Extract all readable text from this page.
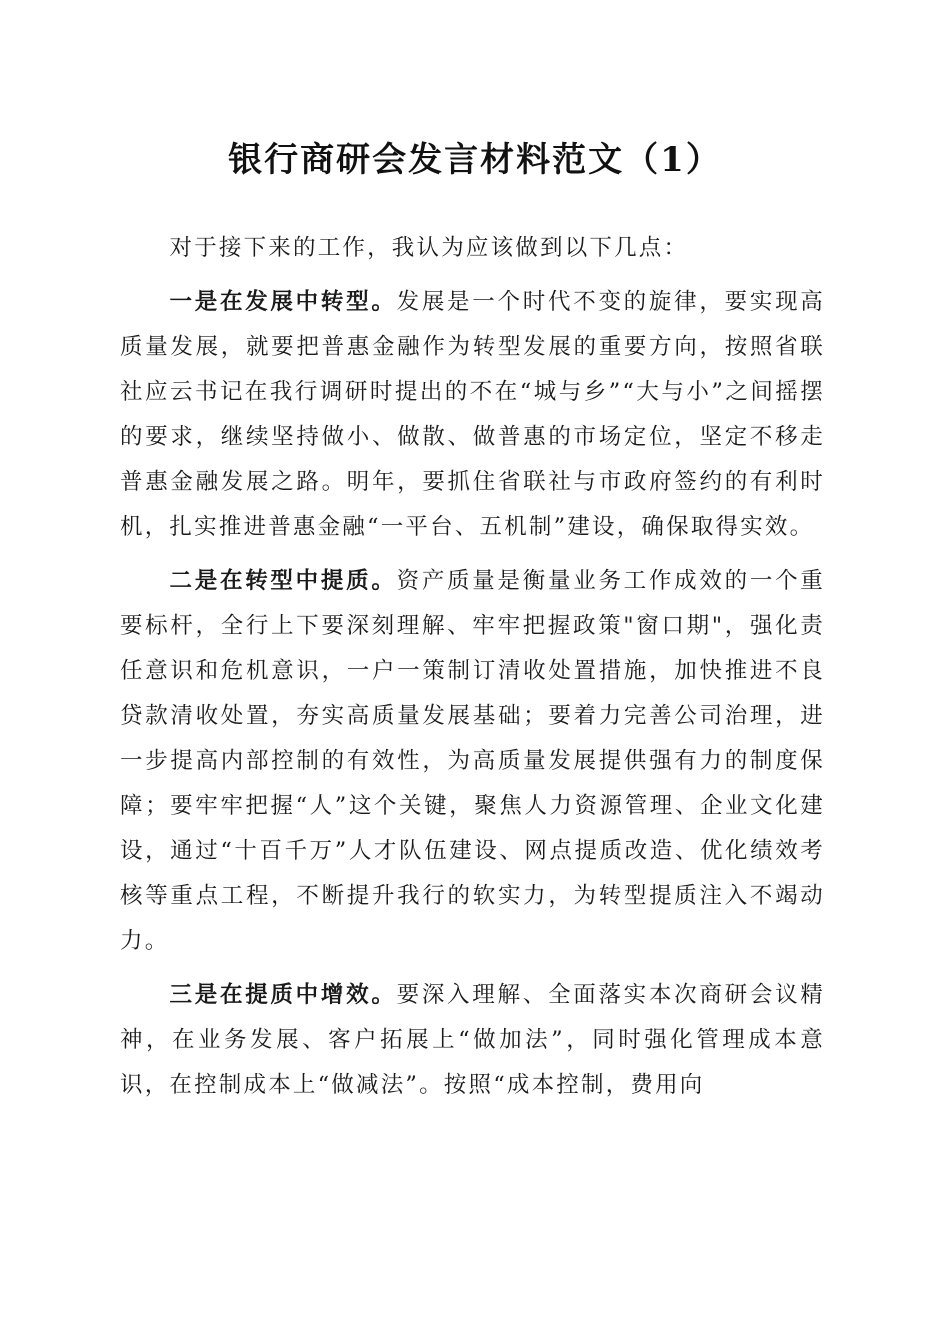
银行商研会发言材料范文（1）

对于接下来的工作，我认为应该做到以下几点：

一是在发展中转型。发展是一个时代不变的旋律，要实现高质量发展，就要把普惠金融作为转型发展的重要方向，按照省联社应云书记在我行调研时提出的不在“城与乡”“大与小”之间摇摆的要求，继续坚持做小、做散、做普惠的市场定位，坚定不移走普惠金融发展之路。明年，要抓住省联社与市政府签约的有利时机，扎实推进普惠金融“一平台、五机制”建设，确保取得实效。

二是在转型中提质。资产质量是衡量业务工作成效的一个重要标杆，全行上下要深刻理解、牢牢把握政策"窗口期"，强化责任意识和危机意识，一户一策制订清收处置措施，加快推进不良贷款清收处置，夯实高质量发展基础；要着力完善公司治理，进一步提高内部控制的有效性，为高质量发展提供强有力的制度保障；要牢牢把握“人”这个关键，聚焦人力资源管理、企业文化建设，通过“十百千万”人才队伍建设、网点提质改造、优化绩效考核等重点工程，不断提升我行的软实力，为转型提质注入不竭动力。

三是在提质中增效。要深入理解、全面落实本次商研会议精神，在业务发展、客户拓展上“做加法”，同时强化管理成本意识，在控制成本上“做减法”。按照“成本控制，费用向
